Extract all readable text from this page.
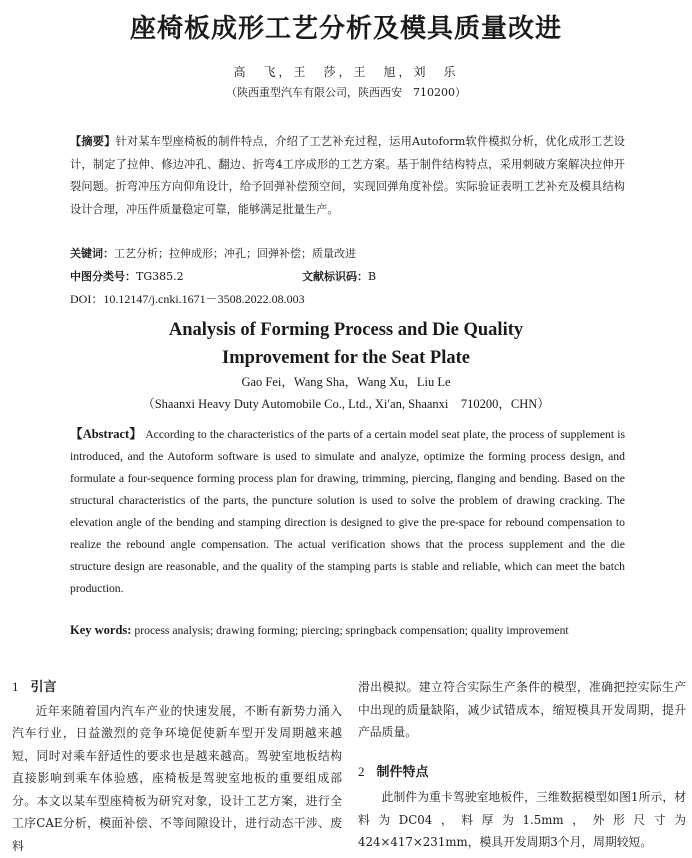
座椅板成形工艺分析及模具质量改进
高　飞，王　莎，王　旭，刘　乐
（陕西重型汽车有限公司，陕西西安　710200）
【摘要】针对某车型座椅板的制件特点，介绍了工艺补充过程，运用Autoform软件模拟分析，优化成形工艺设计，制定了拉伸、修边冲孔、翻边、折弯4工序成形的工艺方案。基于制件结构特点，采用刺破方案解决拉伸开裂问题。折弯冲压方向仰角设计，给予回弹补偿预空间，实现回弹角度补偿。实际验证表明工艺补充及模具结构设计合理，冲压件质量稳定可靠，能够满足批量生产。
关键词：工艺分析；拉伸成形；冲孔；回弹补偿；质量改进
中图分类号：TG385.2	文献标识码：B
DOI：10.12147/j.cnki.1671－3508.2022.08.003
Analysis of Forming Process and Die Quality
Improvement for the Seat Plate
Gao Fei，Wang Sha，Wang Xu，Liu Le
（Shaanxi Heavy Duty Automobile Co., Ltd., Xi′an, Shaanxi　710200，CHN）
【Abstract】 According to the characteristics of the parts of a certain model seat plate, the process of supplement is introduced, and the Autoform software is used to simulate and analyze, optimize the forming process design, and formulate a four-sequence forming process plan for drawing, trimming, piercing, flanging and bending. Based on the structural characteristics of the parts, the puncture solution is used to solve the problem of drawing cracking. The elevation angle of the bending and stamping direction is designed to give the pre-space for rebound compensation to realize the rebound angle compensation. The actual verification shows that the process supplement and the die structure design are reasonable, and the quality of the stamping parts is stable and reliable, which can meet the batch production.
Key words: process analysis; drawing forming; piercing; springback compensation; quality improvement
1 引言

近年来随着国内汽车产业的快速发展，不断有新势力涌入汽车行业，日益激烈的竞争环境促使新车型开发周期越来越短，同时对乘车舒适性的要求也是越来越高。驾驶室地板结构直接影响到乘车体验感，座椅板是驾驶室地板的重要组成部分。本文以某车型座椅板为研究对象，设计工艺方案，进行全工序CAE分析，模面补偿、不等间隙设计，进行动态干涉、废料

滑出模拟。建立符合实际生产条件的模型，准确把控实际生产中出现的质量缺陷，减少试错成本，缩短模具开发周期，提升产品质量。

2 制件特点

此制件为重卡驾驶室地板件，三维数据模型如图1所示，材料为DC04，料厚为1.5mm，外形尺寸为424×417×231mm，模具开发周期3个月，周期较短。
